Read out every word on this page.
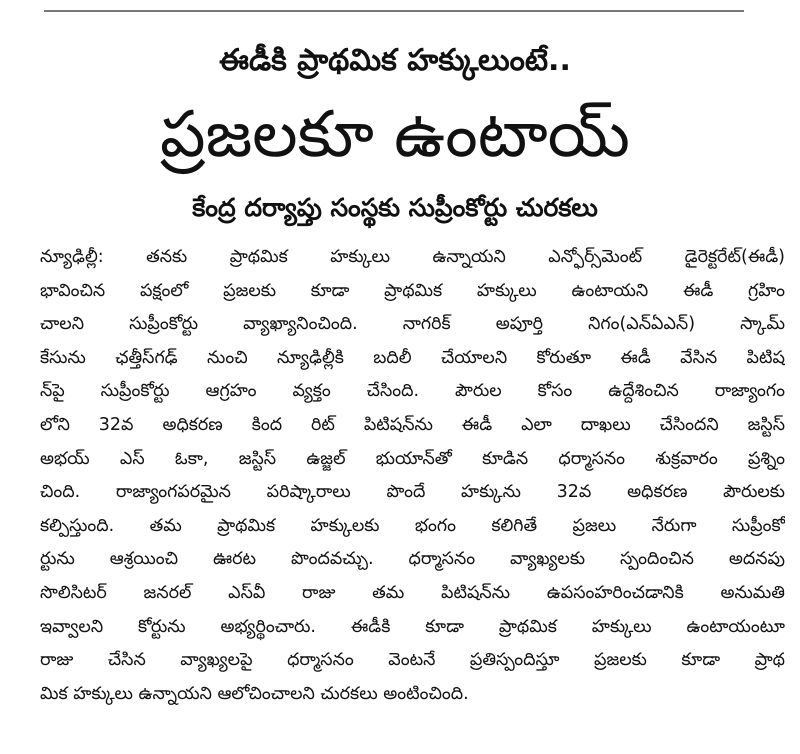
ఈడీకి ప్రాథమిక హక్కులుంటే..
ప్రజలకూ ఉంటాయ్
కేంద్ర దర్యాప్తు సంస్థకు సుప్రీంకోర్టు చురకలు
న్యూఢిల్లీ: తనకు ప్రాథమిక హక్కులు ఉన్నాయని ఎన్ఫోర్స్‌మెంట్ డైరెక్టరేట్(ఈడీ)
భావించిన పక్షంలో ప్రజలకు కూడా ప్రాథమిక హక్కులు ఉంటాయని ఈడీ గ్రహిం
చాలని సుప్రీంకోర్టు వ్యాఖ్యానించింది. నాగరిక్ అపూర్తి నిగం(ఎన్ఏఎన్) స్కామ్
కేసును ఛత్తీస్‌గఢ్ నుంచి న్యూఢిల్లీకి బదిలీ చేయాలని కోరుతూ ఈడీ వేసిన పిటిష
న్‌పై సుప్రీంకోర్టు ఆగ్రహం వ్యక్తం చేసింది. పౌరుల కోసం ఉద్దేశించిన రాజ్యాంగం
లోని 32వ అధికరణ కింద రిట్ పిటిషన్‌ను ఈడీ ఎలా దాఖలు చేసిందని జస్టిస్
అభయ్ ఎస్ ఓకా, జస్టిస్ ఉజ్జల్ భుయాన్‌తో కూడిన ధర్మాసనం శుక్రవారం ప్రశ్నిం
చింది. రాజ్యాంగపరమైన పరిష్కారాలు పొందే హక్కును 32వ అధికరణ పౌరులకు
కల్పిస్తుంది. తమ ప్రాథమిక హక్కులకు భంగం కలిగితే ప్రజలు నేరుగా సుప్రీంకో
ర్టును ఆశ్రయించి ఊరట పొందవచ్చు. ధర్మాసనం వ్యాఖ్యలకు స్పందించిన అదనపు
సొలిసిటర్ జనరల్ ఎస్‌వీ రాజు తమ పిటిషన్‌ను ఉపసంహరించడానికి అనుమతి
ఇవ్వాలని కోర్టును అభ్యర్థించారు. ఈడీకి కూడా ప్రాథమిక హక్కులు ఉంటాయంటూ
రాజు చేసిన వ్యాఖ్యలపై ధర్మాసనం వెంటనే ప్రతిస్పందిస్తూ ప్రజలకు కూడా ప్రాథ
మిక హక్కులు ఉన్నాయని ఆలోచించాలని చురకలు అంటించింది.
